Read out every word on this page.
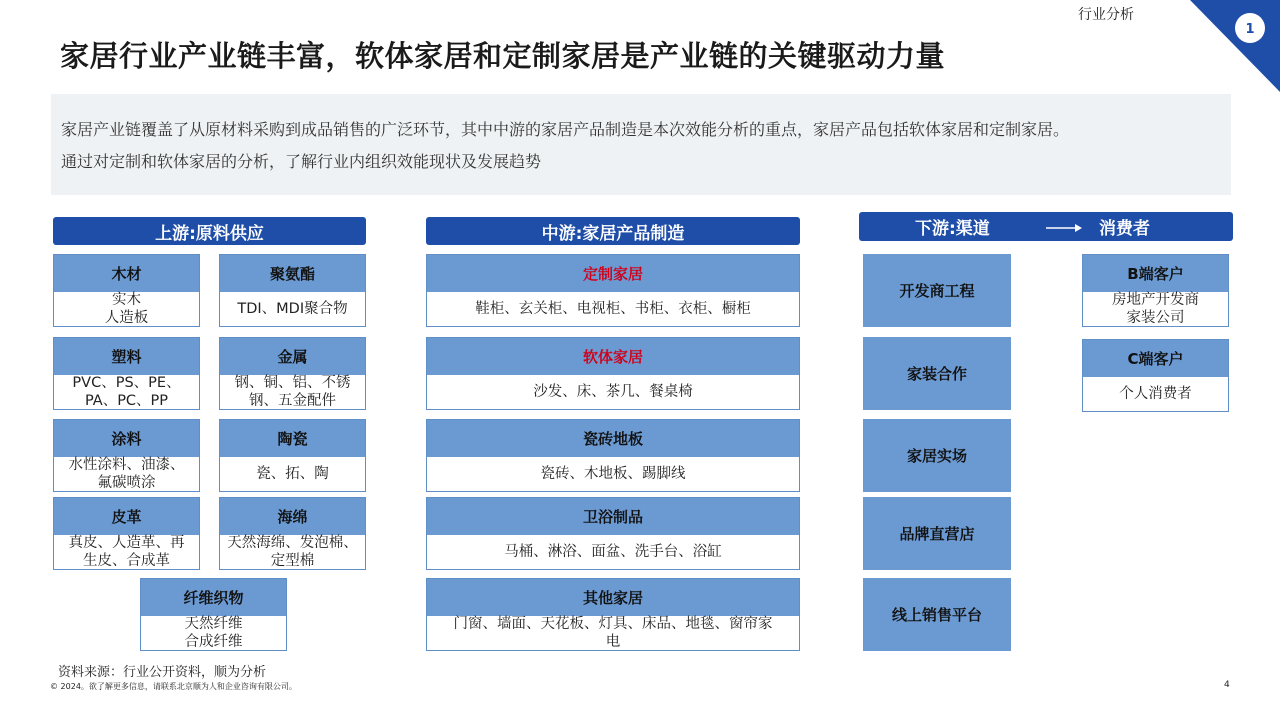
行业分析
1
家居行业产业链丰富，软体家居和定制家居是产业链的关键驱动力量

家居产业链覆盖了从原材料采购到成品销售的广泛环节，其中中游的家居产品制造是本次效能分析的重点，家居产品包括软体家居和定制家居。

通过对定制和软体家居的分析，了解行业内组织效能现状及发展趋势

上游:原料供应
木材
实木
人造板
聚氨酯
TDI、MDI聚合物
塑料
PVC、PS、PE、
PA、PC、PP
金属
钢、铜、铝、不锈
钢、五金配件
涂料
水性涂料、油漆、
氟碳喷涂
陶瓷
瓷、拓、陶
皮革
真皮、人造革、再
生皮、合成革
海绵
天然海绵、发泡棉、
定型棉
纤维织物
天然纤维
合成纤维
中游:家居产品制造
定制家居
鞋柜、玄关柜、电视柜、书柜、衣柜、橱柜
软体家居
沙发、床、茶几、餐桌椅
瓷砖地板
瓷砖、木地板、踢脚线
卫浴制品
马桶、淋浴、面盆、洗手台、浴缸
其他家居
门窗、墙面、天花板、灯具、床品、地毯、窗帘家
电
下游:渠道	消费者
开发商工程
家装合作
家居实场
品牌直营店
线上销售平台
B端客户
房地产开发商
家装公司
C端客户
个人消费者
资料来源：行业公开资料，顺为分析
© 2024。欲了解更多信息，请联系北京顺为人和企业咨询有限公司。	4
